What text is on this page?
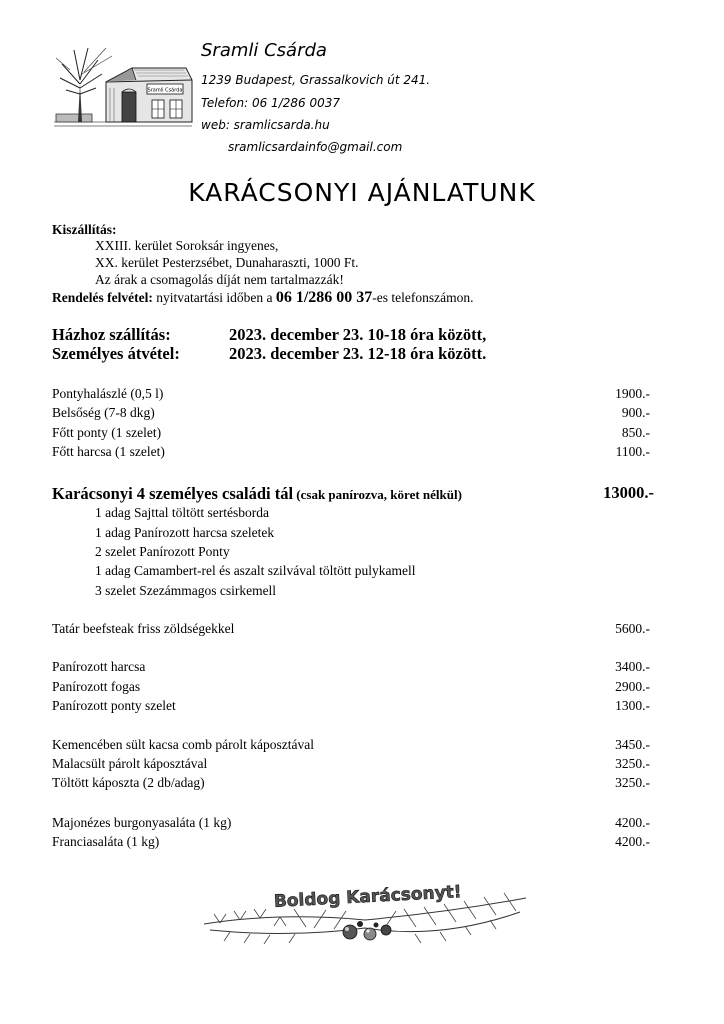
Sramli Csárda
Sramli Csárda
1239 Budapest, Grassalkovich út 241.
Telefon: 06 1/286 0037
web: sramlicsarda.hu
sramlicsardainfo@gmail.com
KARÁCSONYI AJÁNLATUNK
Kiszállítás:
XXIII. kerület Soroksár ingyenes,
XX. kerület Pesterzsébet, Dunaharaszti, 1000 Ft.
Az árak a csomagolás díját nem tartalmazzák!
Rendelés felvétel: nyitvatartási időben a 06 1/286 00 37-es telefonszámon.
Házhoz szállítás:	2023. december 23. 10-18 óra között,
Személyes átvétel:	2023. december 23. 12-18 óra között.
Pontyhalászlé (0,5 l)	1900.-
Belsőség (7-8 dkg)	900.-
Főtt ponty (1 szelet)	850.-
Főtt harcsa (1 szelet)	1100.-
Karácsonyi 4 személyes családi tál (csak panírozva, köret nélkül)	13000.-
1 adag Sajttal töltött sertésborda
1 adag Panírozott harcsa szeletek
2 szelet Panírozott Ponty
1 adag Camambert-rel és aszalt szilvával töltött pulykamell
3 szelet Szezámmagos csirkemell
Tatár beefsteak friss zöldségekkel	5600.-
Panírozott harcsa	3400.-
Panírozott fogas	2900.-
Panírozott ponty szelet	1300.-
Kemencében sült kacsa comb párolt káposztával	3450.-
Malacsült párolt káposztával	3250.-
Töltött káposzta (2 db/adag)	3250.-
Majonézes burgonyasaláta (1 kg)	4200.-
Franciasaláta (1 kg)	4200.-
Boldog Karácsonyt!
